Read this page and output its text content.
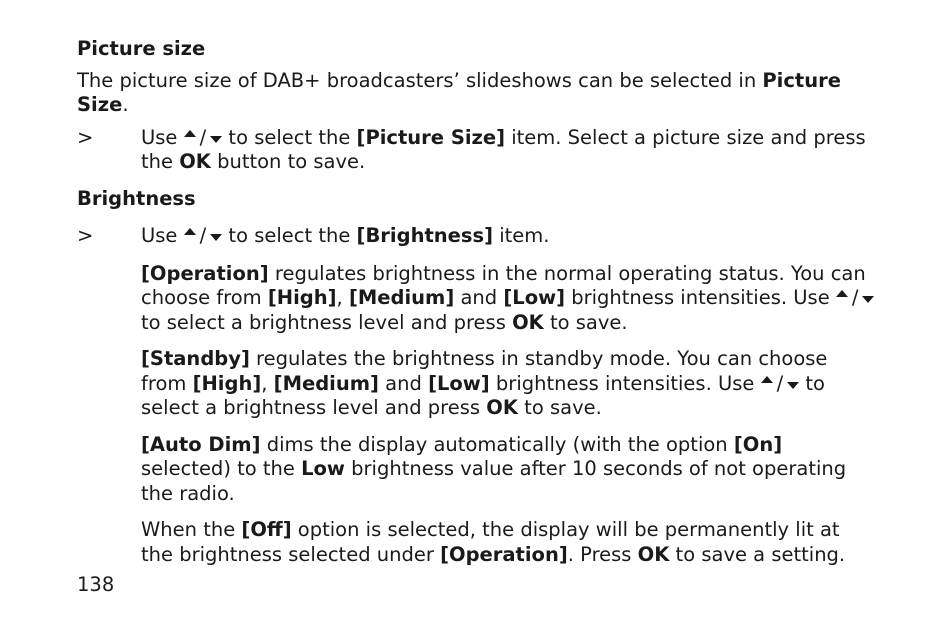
Picture size

The picture size of DAB+ broadcasters’ slideshows can be selected in Picture Size.

> Use / to select the [Picture Size] item. Select a picture size and press the OK button to save.

Brightness

> Use / to select the [Brightness] item.

[Operation] regulates brightness in the normal operating status. You can choose from [High], [Medium] and [Low] brightness intensities. Use / to select a brightness level and press OK to save.

[Standby] regulates the brightness in standby mode. You can choose from [High], [Medium] and [Low] brightness intensities. Use / to select a brightness level and press OK to save.

[Auto Dim] dims the display automatically (with the option [On] selected) to the Low brightness value after 10 seconds of not operating the radio.

When the [Off] option is selected, the display will be permanently lit at the brightness selected under [Operation]. Press OK to save a setting.

138
